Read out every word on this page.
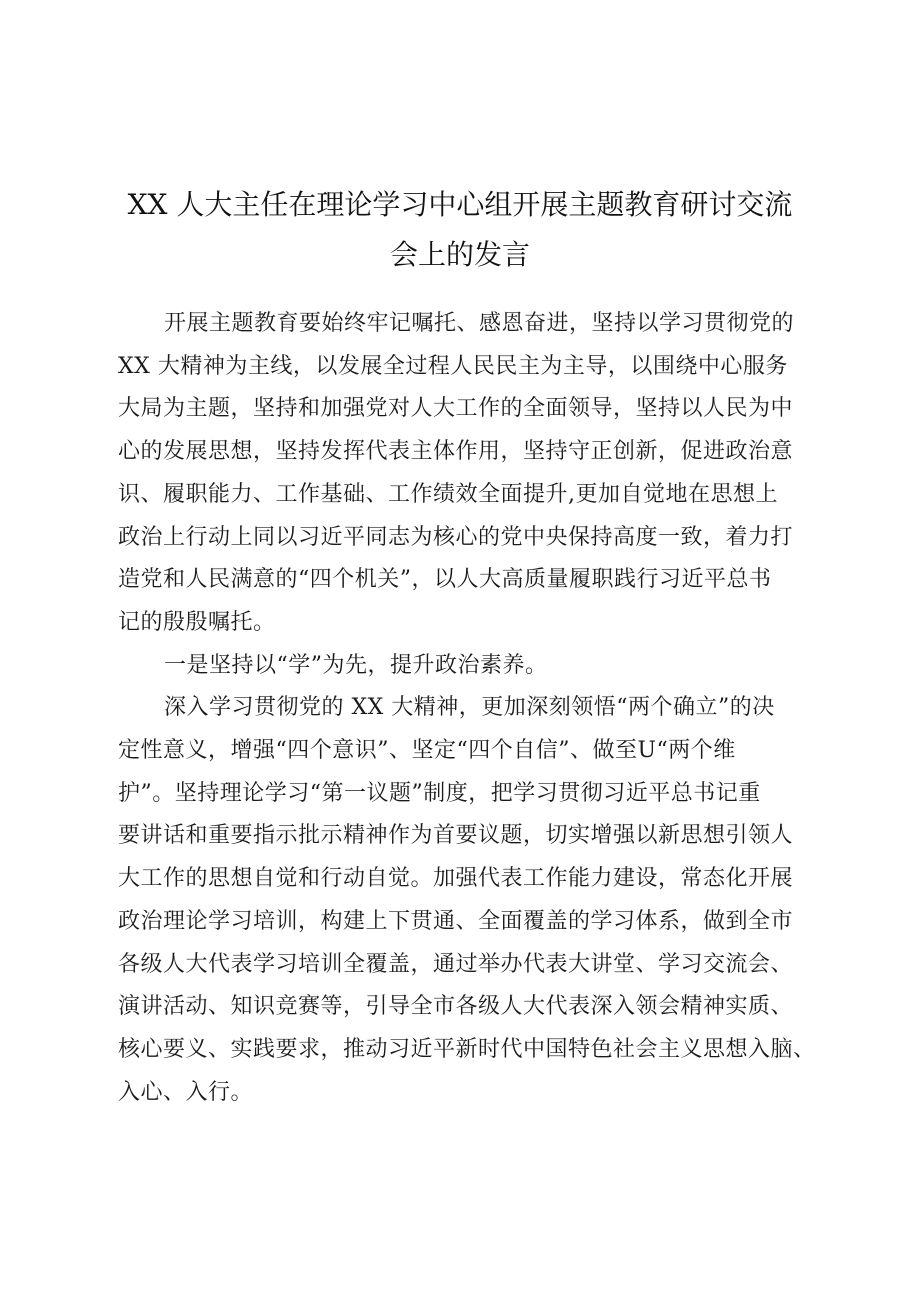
XX 人大主任在理论学习中心组开展主题教育研讨交流
会上的发言

开展主题教育要始终牢记嘱托、感恩奋进，坚持以学习贯彻党的
XX 大精神为主线，以发展全过程人民民主为主导，以围绕中心服务
大局为主题，坚持和加强党对人大工作的全面领导，坚持以人民为中
心的发展思想，坚持发挥代表主体作用，坚持守正创新，促进政治意
识、履职能力、工作基础、工作绩效全面提升,更加自觉地在思想上
政治上行动上同以习近平同志为核心的党中央保持高度一致，着力打
造党和人民满意的“四个机关”，以人大高质量履职践行习近平总书
记的殷殷嘱托。

一是坚持以“学”为先，提升政治素养。

深入学习贯彻党的 XX 大精神，更加深刻领悟“两个确立”的决
定性意义，增强“四个意识”、坚定“四个自信”、做至U“两个维
护”。坚持理论学习“第一议题”制度，把学习贯彻习近平总书记重
要讲话和重要指示批示精神作为首要议题，切实增强以新思想引领人
大工作的思想自觉和行动自觉。加强代表工作能力建设，常态化开展
政治理论学习培训，构建上下贯通、全面覆盖的学习体系，做到全市
各级人大代表学习培训全覆盖，通过举办代表大讲堂、学习交流会、
演讲活动、知识竞赛等，引导全市各级人大代表深入领会精神实质、
核心要义、实践要求，推动习近平新时代中国特色社会主义思想入脑、
入心、入行。
